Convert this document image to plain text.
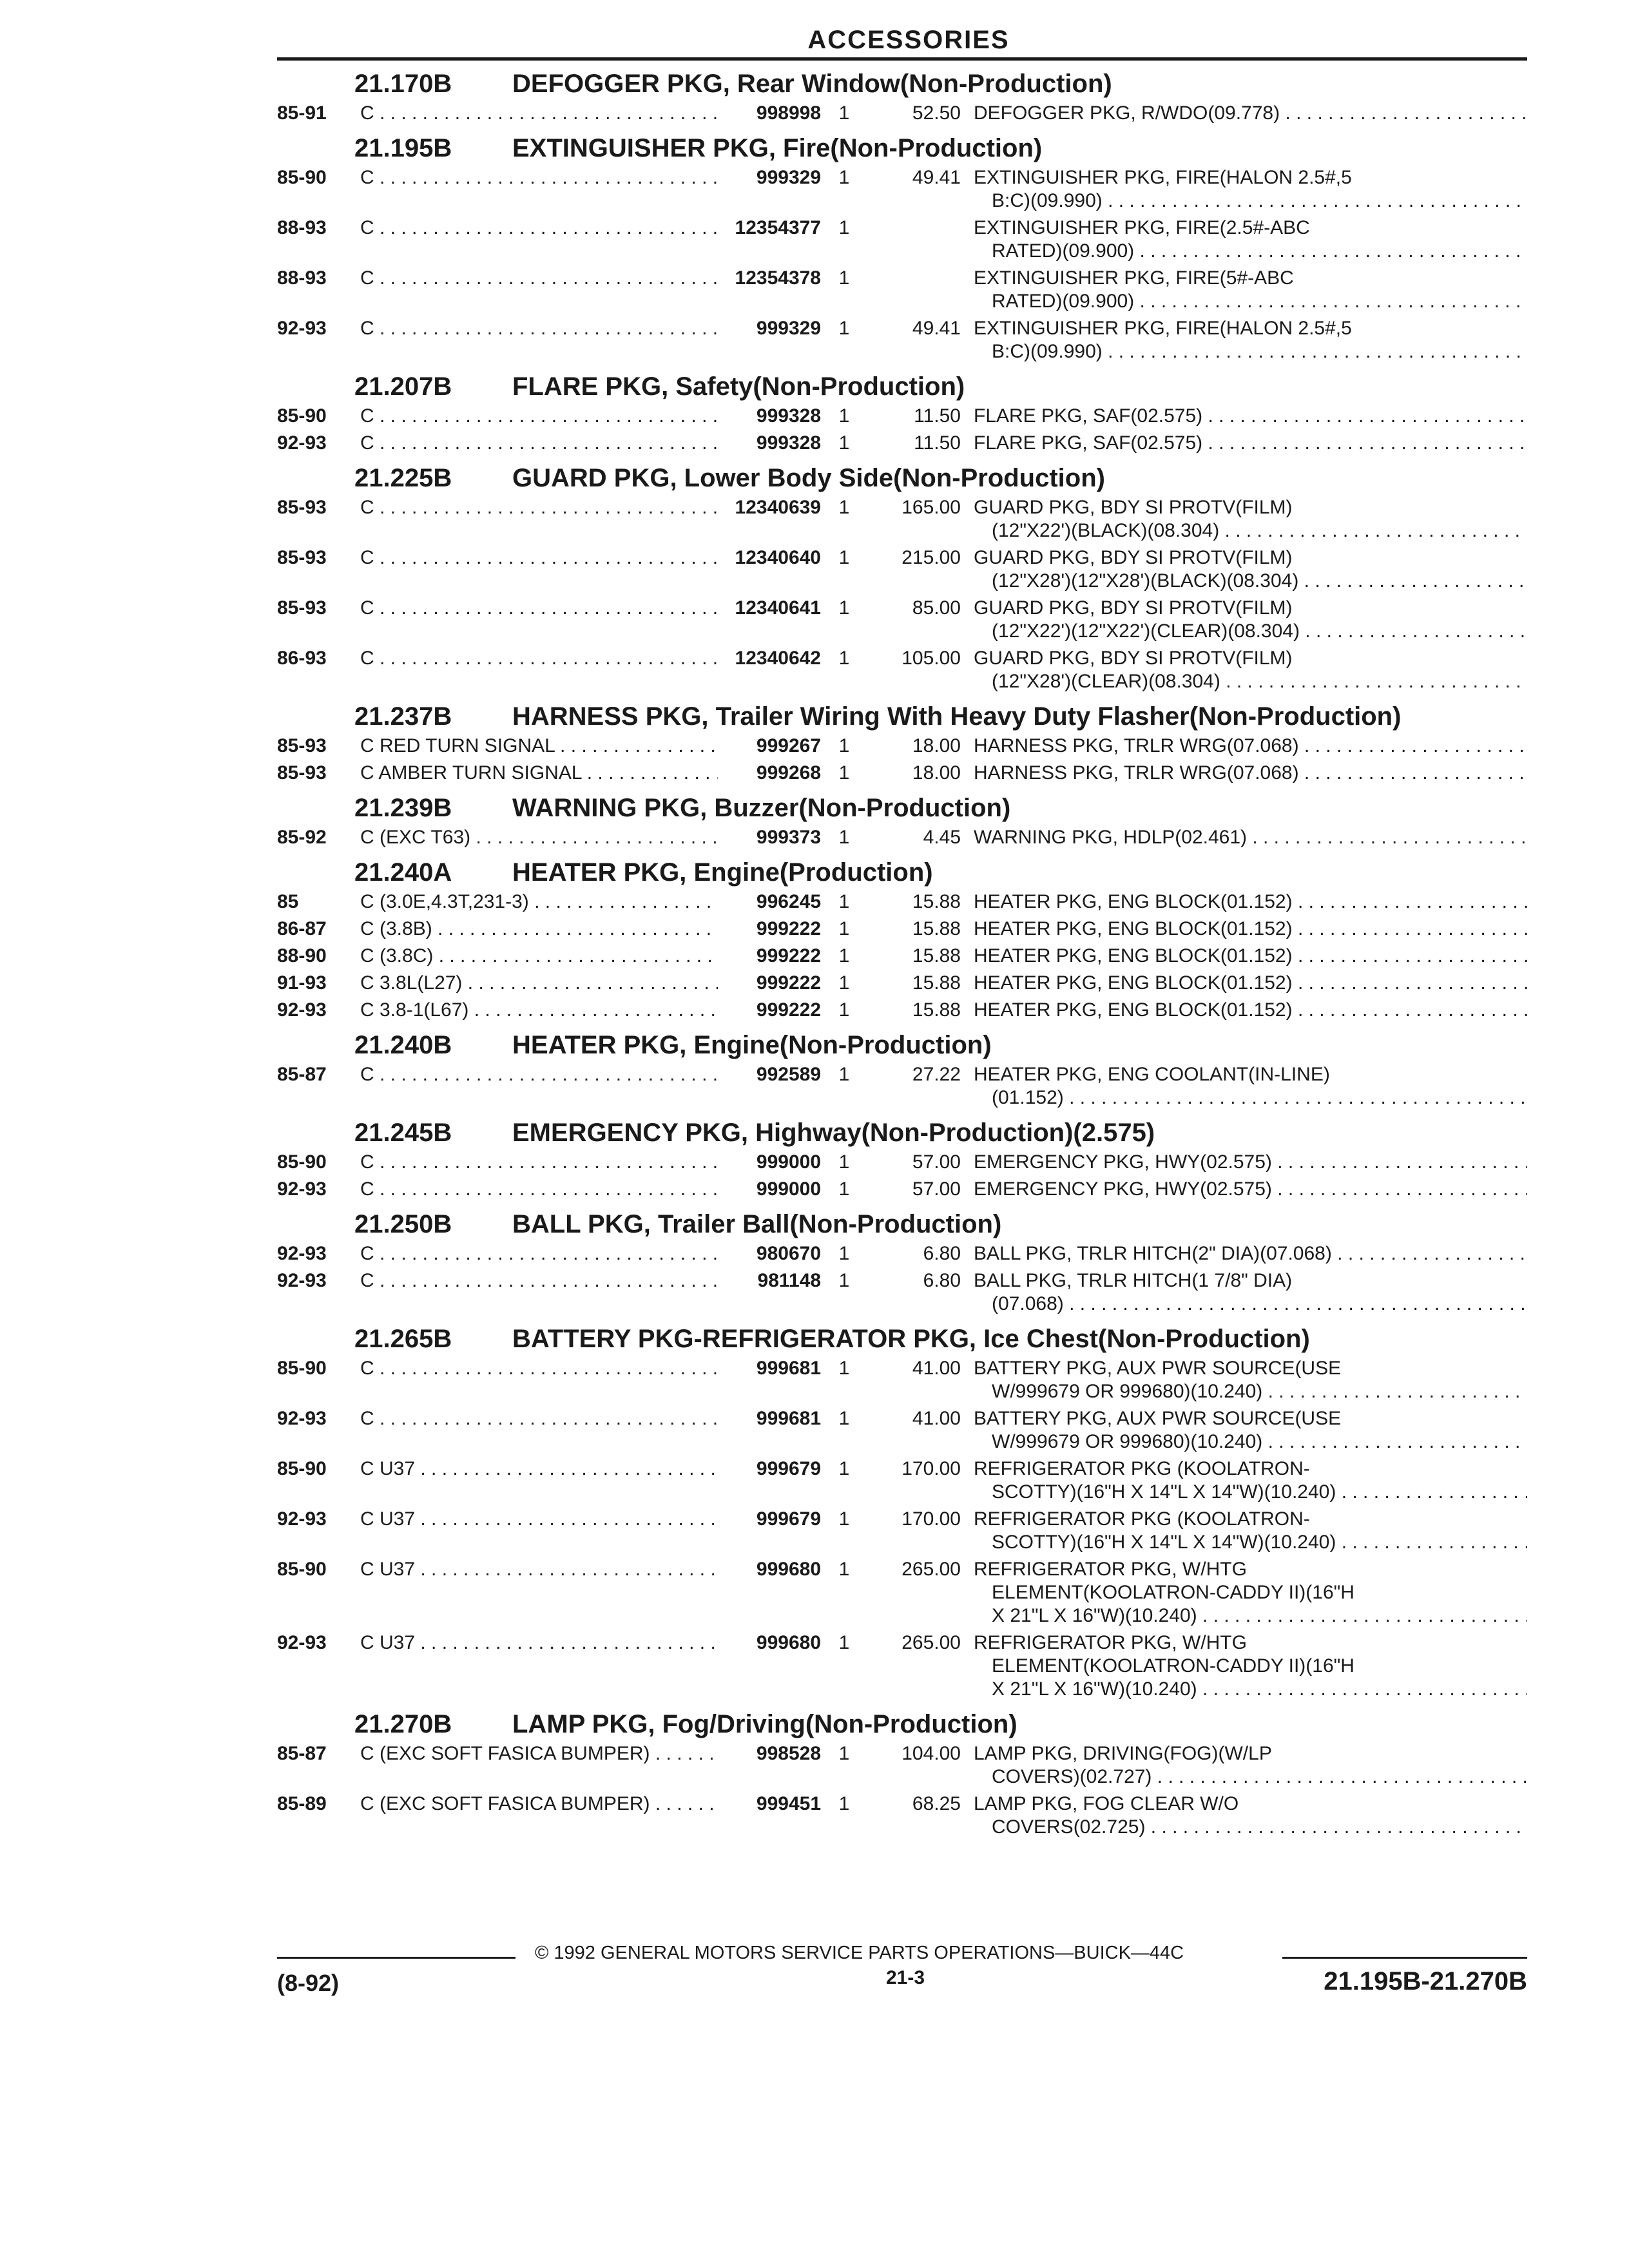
ACCESSORIES
21.170B	DEFOGGER PKG, Rear Window(Non-Production)
85-91	C . . .	998998 1	52.50 DEFOGGER PKG, R/WDO(09.778) . . .
21.195B	EXTINGUISHER PKG, Fire(Non-Production)
85-90	C . . .	999329 1	49.41 EXTINGUISHER PKG, FIRE(HALON 2.5#,5
B:C)(09.990) . . .
88-93	C . . .	12354377 1	EXTINGUISHER PKG, FIRE(2.5#-ABC
RATED)(09.900) . . .
88-93	C . . .	12354378 1	EXTINGUISHER PKG, FIRE(5#-ABC
RATED)(09.900) . . .
92-93	C . . .	999329 1	49.41 EXTINGUISHER PKG, FIRE(HALON 2.5#,5
B:C)(09.990) . . .
21.207B	FLARE PKG, Safety(Non-Production)
85-90	C . . .	999328 1	11.50 FLARE PKG, SAF(02.575) . . .
92-93	C . . .	999328 1	11.50 FLARE PKG, SAF(02.575) . . .
21.225B	GUARD PKG, Lower Body Side(Non-Production)
85-93	C . . .	12340639 1	165.00 GUARD PKG, BDY SI PROTV(FILM)
(12"X22')(BLACK)(08.304) . . .
85-93	C . . .	12340640 1	215.00 GUARD PKG, BDY SI PROTV(FILM)
(12"X28')(12"X28')(BLACK)(08.304) . . .
85-93	C . . .	12340641 1	85.00 GUARD PKG, BDY SI PROTV(FILM)
(12"X22')(12"X22')(CLEAR)(08.304) . . .
86-93	C . . .	12340642 1	105.00 GUARD PKG, BDY SI PROTV(FILM)
(12"X28')(CLEAR)(08.304) . . .
21.237B	HARNESS PKG, Trailer Wiring With Heavy Duty Flasher(Non-Production)
85-93	C RED TURN SIGNAL . . .	999267 1	18.00 HARNESS PKG, TRLR WRG(07.068) . . .
85-93	C AMBER TURN SIGNAL . . .	999268 1	18.00 HARNESS PKG, TRLR WRG(07.068) . . .
21.239B	WARNING PKG, Buzzer(Non-Production)
85-92	C (EXC T63) . . .	999373 1	4.45 WARNING PKG, HDLP(02.461) . . .
21.240A	HEATER PKG, Engine(Production)
85	C (3.0E,4.3T,231-3) . . .	996245 1	15.88 HEATER PKG, ENG BLOCK(01.152) . . .
86-87	C (3.8B) . . .	999222 1	15.88 HEATER PKG, ENG BLOCK(01.152) . . .
88-90	C (3.8C) . . .	999222 1	15.88 HEATER PKG, ENG BLOCK(01.152) . . .
91-93	C 3.8L(L27) . . .	999222 1	15.88 HEATER PKG, ENG BLOCK(01.152) . . .
92-93	C 3.8-1(L67) . . .	999222 1	15.88 HEATER PKG, ENG BLOCK(01.152) . . .
21.240B	HEATER PKG, Engine(Non-Production)
85-87	C . . .	992589 1	27.22 HEATER PKG, ENG COOLANT(IN-LINE)
(01.152) . . .
21.245B	EMERGENCY PKG, Highway(Non-Production)(2.575)
85-90	C . . .	999000 1	57.00 EMERGENCY PKG, HWY(02.575) . . .
92-93	C . . .	999000 1	57.00 EMERGENCY PKG, HWY(02.575) . . .
21.250B	BALL PKG, Trailer Ball(Non-Production)
92-93	C . . .	980670 1	6.80 BALL PKG, TRLR HITCH(2" DIA)(07.068) . . .
92-93	C . . .	981148 1	6.80 BALL PKG, TRLR HITCH(1 7/8" DIA)
(07.068) . . .
21.265B	BATTERY PKG-REFRIGERATOR PKG, Ice Chest(Non-Production)
85-90	C . . .	999681 1	41.00 BATTERY PKG, AUX PWR SOURCE(USE
W/999679 OR 999680)(10.240) . . .
92-93	C . . .	999681 1	41.00 BATTERY PKG, AUX PWR SOURCE(USE
W/999679 OR 999680)(10.240) . . .
85-90	C U37 . . .	999679 1	170.00 REFRIGERATOR PKG (KOOLATRON-
SCOTTY)(16"H X 14"L X 14"W)(10.240) . . .
92-93	C U37 . . .	999679 1	170.00 REFRIGERATOR PKG (KOOLATRON-
SCOTTY)(16"H X 14"L X 14"W)(10.240) . . .
85-90	C U37 . . .	999680 1	265.00 REFRIGERATOR PKG, W/HTG
ELEMENT(KOOLATRON-CADDY II)(16"H
X 21"L X 16"W)(10.240) . . .
92-93	C U37 . . .	999680 1	265.00 REFRIGERATOR PKG, W/HTG
ELEMENT(KOOLATRON-CADDY II)(16"H
X 21"L X 16"W)(10.240) . . .
21.270B	LAMP PKG, Fog/Driving(Non-Production)
85-87	C (EXC SOFT FASICA BUMPER) . . .	998528 1	104.00 LAMP PKG, DRIVING(FOG)(W/LP
COVERS)(02.727) . . .
85-89	C (EXC SOFT FASICA BUMPER) . . .	999451 1	68.25 LAMP PKG, FOG CLEAR W/O
COVERS(02.725) . . .
© 1992 GENERAL MOTORS SERVICE PARTS OPERATIONS—BUICK—44C
(8-92)	21-3	21.195B-21.270B
